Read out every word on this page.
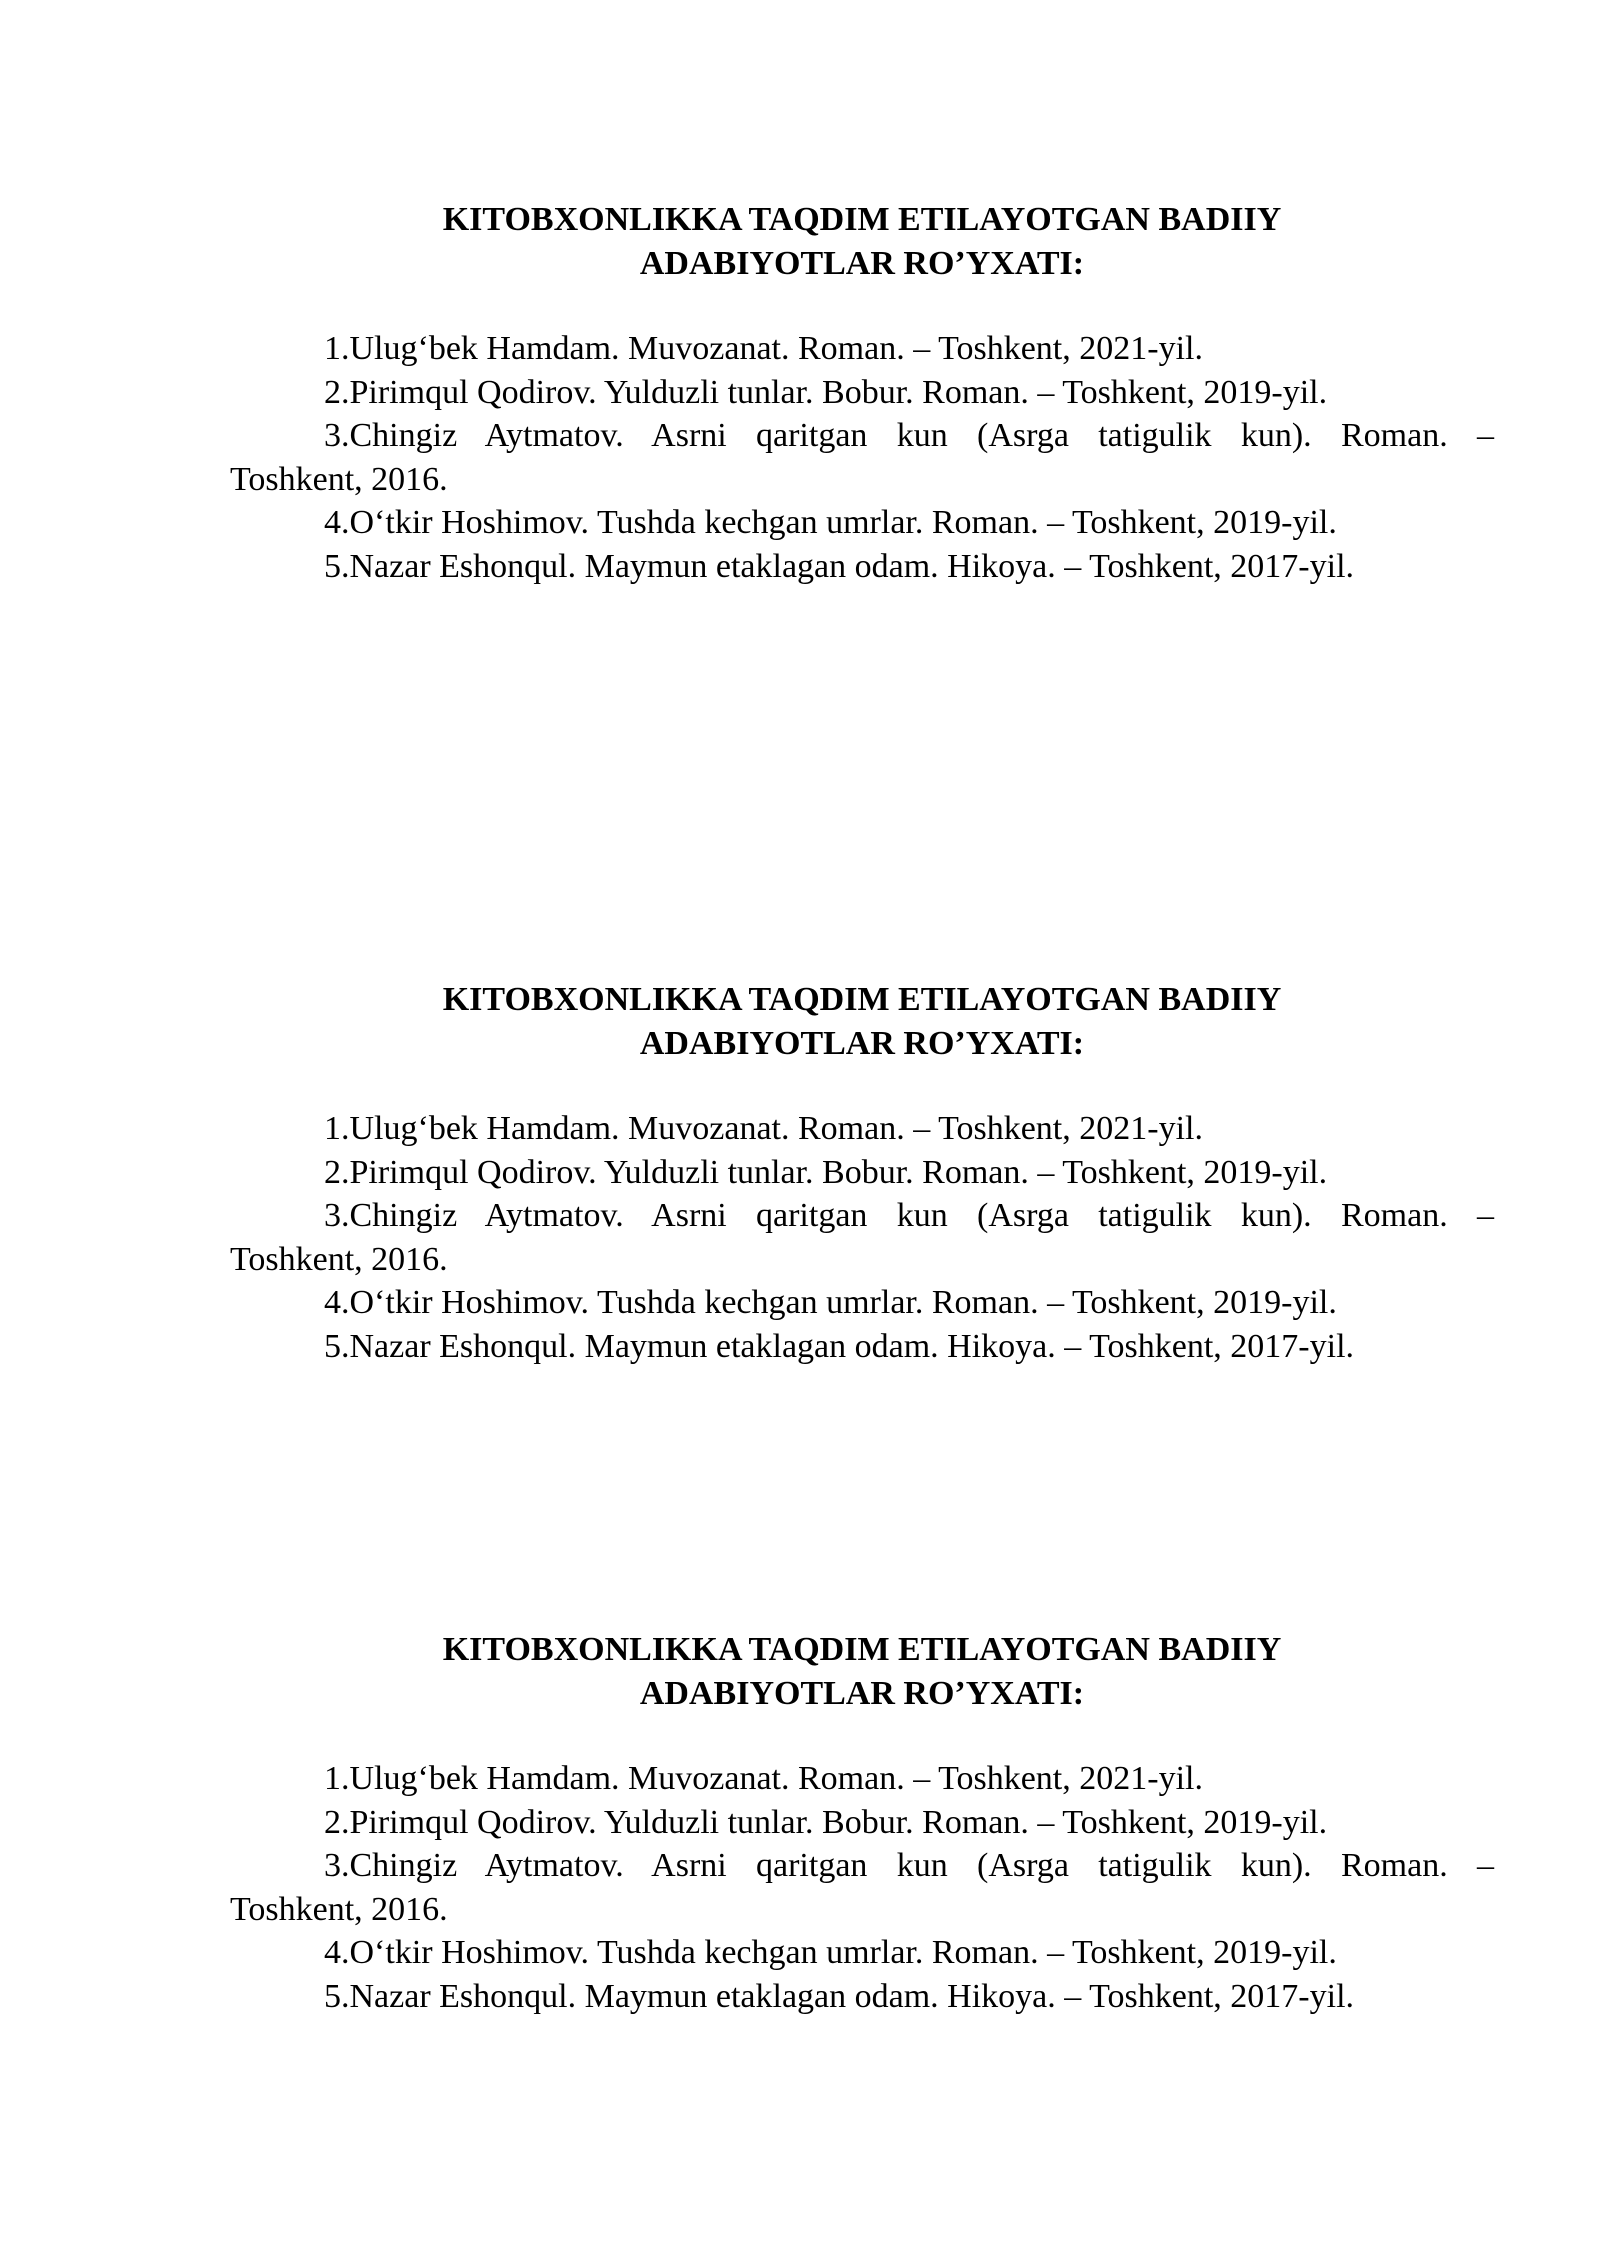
KITOBXONLIKKA TAQDIM ETILAYOTGAN BADIIY
ADABIYOTLAR RO’YXATI:

1.Ulug‘bek Hamdam. Muvozanat. Roman. – Toshkent, 2021-yil.

2.Pirimqul Qodirov. Yulduzli tunlar. Bobur. Roman. – Toshkent, 2019-yil.

3.Chingiz Aytmatov. Asrni qaritgan kun (Asrga tatigulik kun). Roman. –
Toshkent, 2016.

4.O‘tkir Hoshimov. Tushda kechgan umrlar. Roman. – Toshkent, 2019-yil.

5.Nazar Eshonqul. Maymun etaklagan odam. Hikoya. – Toshkent, 2017-yil.

KITOBXONLIKKA TAQDIM ETILAYOTGAN BADIIY
ADABIYOTLAR RO’YXATI:

1.Ulug‘bek Hamdam. Muvozanat. Roman. – Toshkent, 2021-yil.

2.Pirimqul Qodirov. Yulduzli tunlar. Bobur. Roman. – Toshkent, 2019-yil.

3.Chingiz Aytmatov. Asrni qaritgan kun (Asrga tatigulik kun). Roman. –
Toshkent, 2016.

4.O‘tkir Hoshimov. Tushda kechgan umrlar. Roman. – Toshkent, 2019-yil.

5.Nazar Eshonqul. Maymun etaklagan odam. Hikoya. – Toshkent, 2017-yil.

KITOBXONLIKKA TAQDIM ETILAYOTGAN BADIIY
ADABIYOTLAR RO’YXATI:

1.Ulug‘bek Hamdam. Muvozanat. Roman. – Toshkent, 2021-yil.

2.Pirimqul Qodirov. Yulduzli tunlar. Bobur. Roman. – Toshkent, 2019-yil.

3.Chingiz Aytmatov. Asrni qaritgan kun (Asrga tatigulik kun). Roman. –
Toshkent, 2016.

4.O‘tkir Hoshimov. Tushda kechgan umrlar. Roman. – Toshkent, 2019-yil.

5.Nazar Eshonqul. Maymun etaklagan odam. Hikoya. – Toshkent, 2017-yil.
